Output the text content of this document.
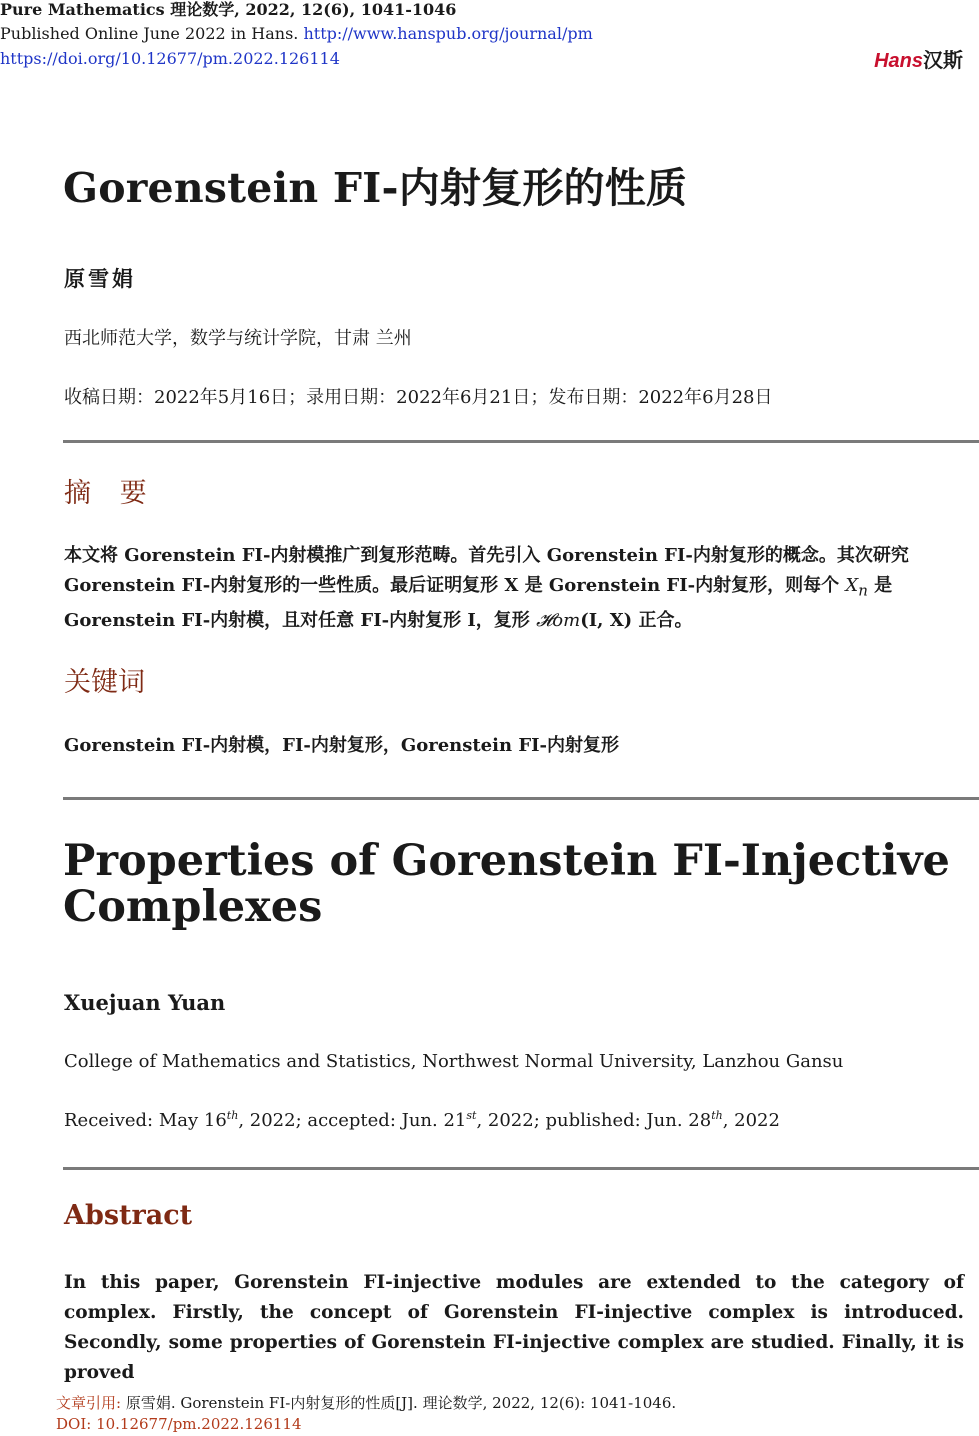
Pure Mathematics 理论数学, 2022, 12(6), 1041-1046
Published Online June 2022 in Hans. http://www.hanspub.org/journal/pm
https://doi.org/10.12677/pm.2022.126114	Hans汉斯
Gorenstein FI-内射复形的性质
原雪娟
西北师范大学，数学与统计学院，甘肃 兰州
收稿日期：2022年5月16日；录用日期：2022年6月21日；发布日期：2022年6月28日
摘 要
本文将 Gorenstein FI-内射模推广到复形范畴。首先引入 Gorenstein FI-内射复形的概念。其次研究 Gorenstein FI-内射复形的一些性质。最后证明复形 X 是 Gorenstein FI-内射复形，则每个 $X_n$ 是 Gorenstein FI-内射模，且对任意 FI-内射复形 I，复形 𝓗om(I, X) 正合。
关键词
Gorenstein FI-内射模，FI-内射复形，Gorenstein FI-内射复形
Properties of Gorenstein FI-Injective Complexes
Xuejuan Yuan
College of Mathematics and Statistics, Northwest Normal University, Lanzhou Gansu
Received: May 16th, 2022; accepted: Jun. 21st, 2022; published: Jun. 28th, 2022
Abstract
In this paper, Gorenstein FI-injective modules are extended to the category of complex. Firstly, the concept of Gorenstein FI-injective complex is introduced. Secondly, some properties of Gorenstein FI-injective complex are studied. Finally, it is proved
文章引用: 原雪娟. Gorenstein FI-内射复形的性质[J]. 理论数学, 2022, 12(6): 1041-1046.
DOI: 10.12677/pm.2022.126114
